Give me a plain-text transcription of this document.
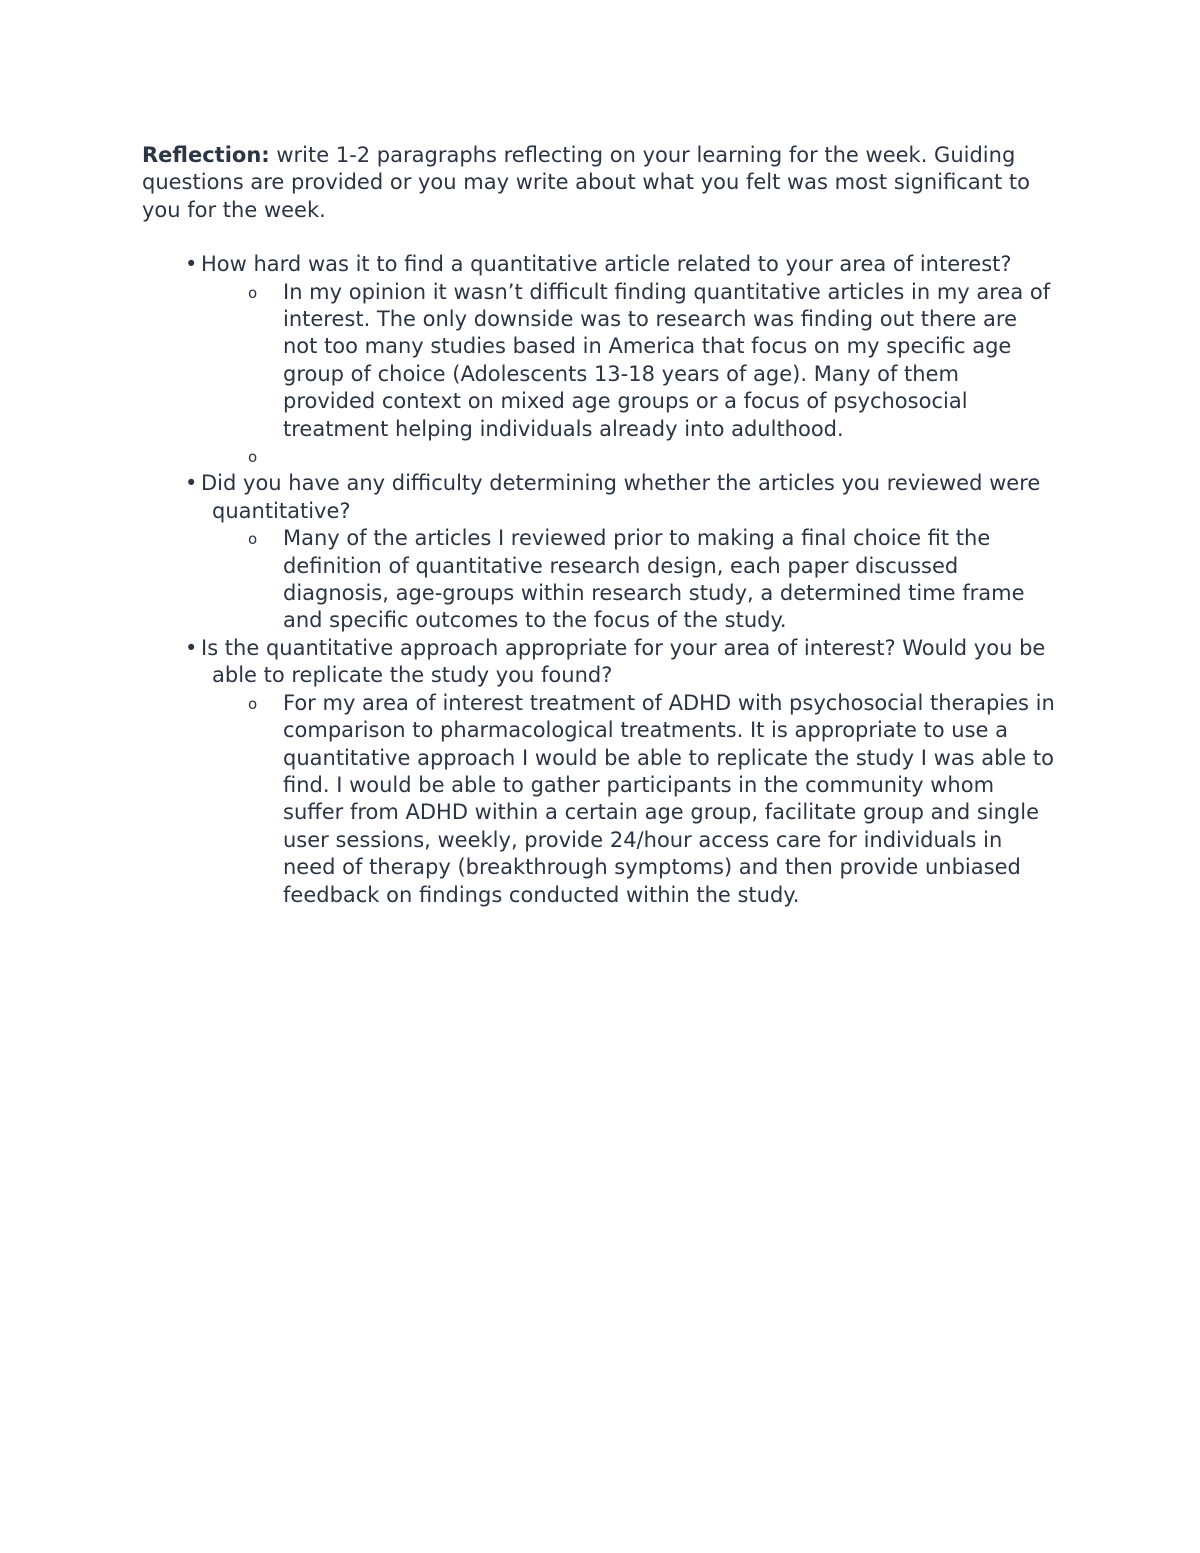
Reflection: write 1-2 paragraphs reflecting on your learning for the week. Guiding questions are provided or you may write about what you felt was most significant to you for the week.

• How hard was it to find a quantitative article related to your area of interest?
o In my opinion it wasn’t difficult finding quantitative articles in my area of interest. The only downside was to research was finding out there are not too many studies based in America that focus on my specific age group of choice (Adolescents 13-18 years of age). Many of them provided context on mixed age groups or a focus of psychosocial treatment helping individuals already into adulthood.
o
• Did you have any difficulty determining whether the articles you reviewed were quantitative?
o Many of the articles I reviewed prior to making a final choice fit the definition of quantitative research design, each paper discussed diagnosis, age-groups within research study, a determined time frame and specific outcomes to the focus of the study.
• Is the quantitative approach appropriate for your area of interest? Would you be able to replicate the study you found?
o For my area of interest treatment of ADHD with psychosocial therapies in comparison to pharmacological treatments. It is appropriate to use a quantitative approach I would be able to replicate the study I was able to find. I would be able to gather participants in the community whom suffer from ADHD within a certain age group, facilitate group and single user sessions, weekly, provide 24/hour access care for individuals in need of therapy (breakthrough symptoms) and then provide unbiased feedback on findings conducted within the study.
